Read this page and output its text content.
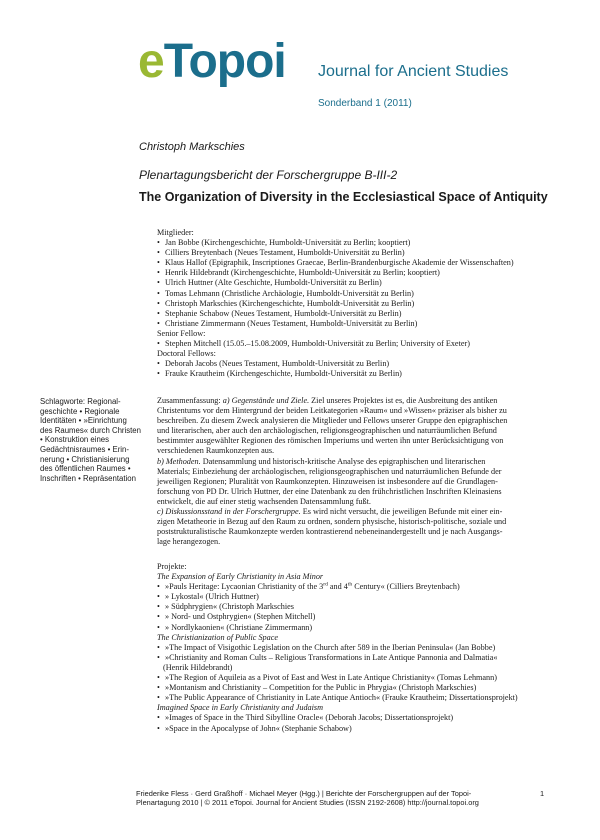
eTopoi Journal for Ancient Studies
Sonderband 1 (2011)
Christoph Markschies
Plenartagungsbericht der Forschergruppe B-III-2
The Organization of Diversity in the Ecclesiastical Space of Antiquity
Mitglieder:
• Jan Bobbe (Kirchengeschichte, Humboldt-Universität zu Berlin; kooptiert)
• Cilliers Breytenbach (Neues Testament, Humboldt-Universität zu Berlin)
• Klaus Hallof (Epigraphik, Inscriptiones Graecae, Berlin-Brandenburgische Akademie der Wissenschaften)
• Henrik Hildebrandt (Kirchengeschichte, Humboldt-Universität zu Berlin; kooptiert)
• Ulrich Huttner (Alte Geschichte, Humboldt-Universität zu Berlin)
• Tomas Lehmann (Christliche Archäologie, Humboldt-Universität zu Berlin)
• Christoph Markschies (Kirchengeschichte, Humboldt-Universität zu Berlin)
• Stephanie Schabow (Neues Testament, Humboldt-Universität zu Berlin)
• Christiane Zimmermann (Neues Testament, Humboldt-Universität zu Berlin)
Senior Fellow:
• Stephen Mitchell (15.05.–15.08.2009, Humboldt-Universität zu Berlin; University of Exeter)
Doctoral Fellows:
• Deborah Jacobs (Neues Testament, Humboldt-Universität zu Berlin)
• Frauke Krautheim (Kirchengeschichte, Humboldt-Universität zu Berlin)
Schlagworte: Regional-
geschichte • Regionale
Identitäten • »Einrichtung
des Raumes« durch Christen
• Konstruktion eines
Gedächtnisraumes • Erin-
nerung • Christianisierung
des öffentlichen Raumes •
Inschriften • Repräsentation
Zusammenfassung: a) Gegenstände und Ziele. Ziel unseres Projektes ist es, die Ausbreitung des antiken
Christentums vor dem Hintergrund der beiden Leitkategorien »Raum« und »Wissen« präziser als bisher zu
beschreiben. Zu diesem Zweck analysieren die Mitglieder und Fellows unserer Gruppe den epigraphischen
und literarischen, aber auch den archäologischen, religionsgeographischen und naturräumlichen Befund
bestimmter ausgewählter Regionen des römischen Imperiums und werten ihn unter Berücksichtigung von
verschiedenen Raumkonzepten aus.
b) Methoden. Datensammlung und historisch-kritische Analyse des epigraphischen und literarischen
Materials; Einbeziehung der archäologischen, religionsgeographischen und naturräumlichen Befunde der
jeweiligen Regionen; Pluralität von Raumkonzepten. Hinzuweisen ist insbesondere auf die Grundlagen-
forschung von PD Dr. Ulrich Huttner, der eine Datenbank zu den frühchristlichen Inschriften Kleinasiens
entwickelt, die auf einer stetig wachsenden Datensammlung fußt.
c) Diskussionsstand in der Forschergruppe. Es wird nicht versucht, die jeweiligen Befunde mit einer ein-
zigen Metatheorie in Bezug auf den Raum zu ordnen, sondern physische, historisch-politische, soziale und
poststrukturalistische Raumkonzepte werden kontrastierend nebeneinandergestellt und je nach Ausgangs-
lage herangezogen.
Projekte:
The Expansion of Early Christianity in Asia Minor
• »Pauls Heritage: Lycaonian Christianity of the 3rd and 4th Century« (Cilliers Breytenbach)
• » Lykostal« (Ulrich Huttner)
• » Südphrygien« (Christoph Markschies
• » Nord- und Ostphrygien« (Stephen Mitchell)
• » Nordlykaonien« (Christiane Zimmermann)
The Christianization of Public Space
• »The Impact of Visigothic Legislation on the Church after 589 in the Iberian Peninsula« (Jan Bobbe)
• »Christianity and Roman Cults – Religious Transformations in Late Antique Pannonia and Dalmatia«
(Henrik Hildebrandt)
• »The Region of Aquileia as a Pivot of East and West in Late Antique Christianity« (Tomas Lehmann)
• »Montanism and Christianity – Competition for the Public in Phrygia« (Christoph Markschies)
• »The Public Appearance of Christianity in Late Antique Antioch« (Frauke Krautheim; Dissertationsprojekt)
Imagined Space in Early Christianity and Judaism
• »Images of Space in the Third Sibylline Oracle« (Deborah Jacobs; Dissertationsprojekt)
• »Space in the Apocalypse of John« (Stephanie Schabow)
Friederike Fless · Gerd Graßhoff · Michael Meyer (Hgg.) | Berichte der Forschergruppen auf der Topoi-
Plenartagung 2010 | © 2011 eTopoi. Journal for Ancient Studies (ISSN 2192-2608) http://journal.topoi.org
1
